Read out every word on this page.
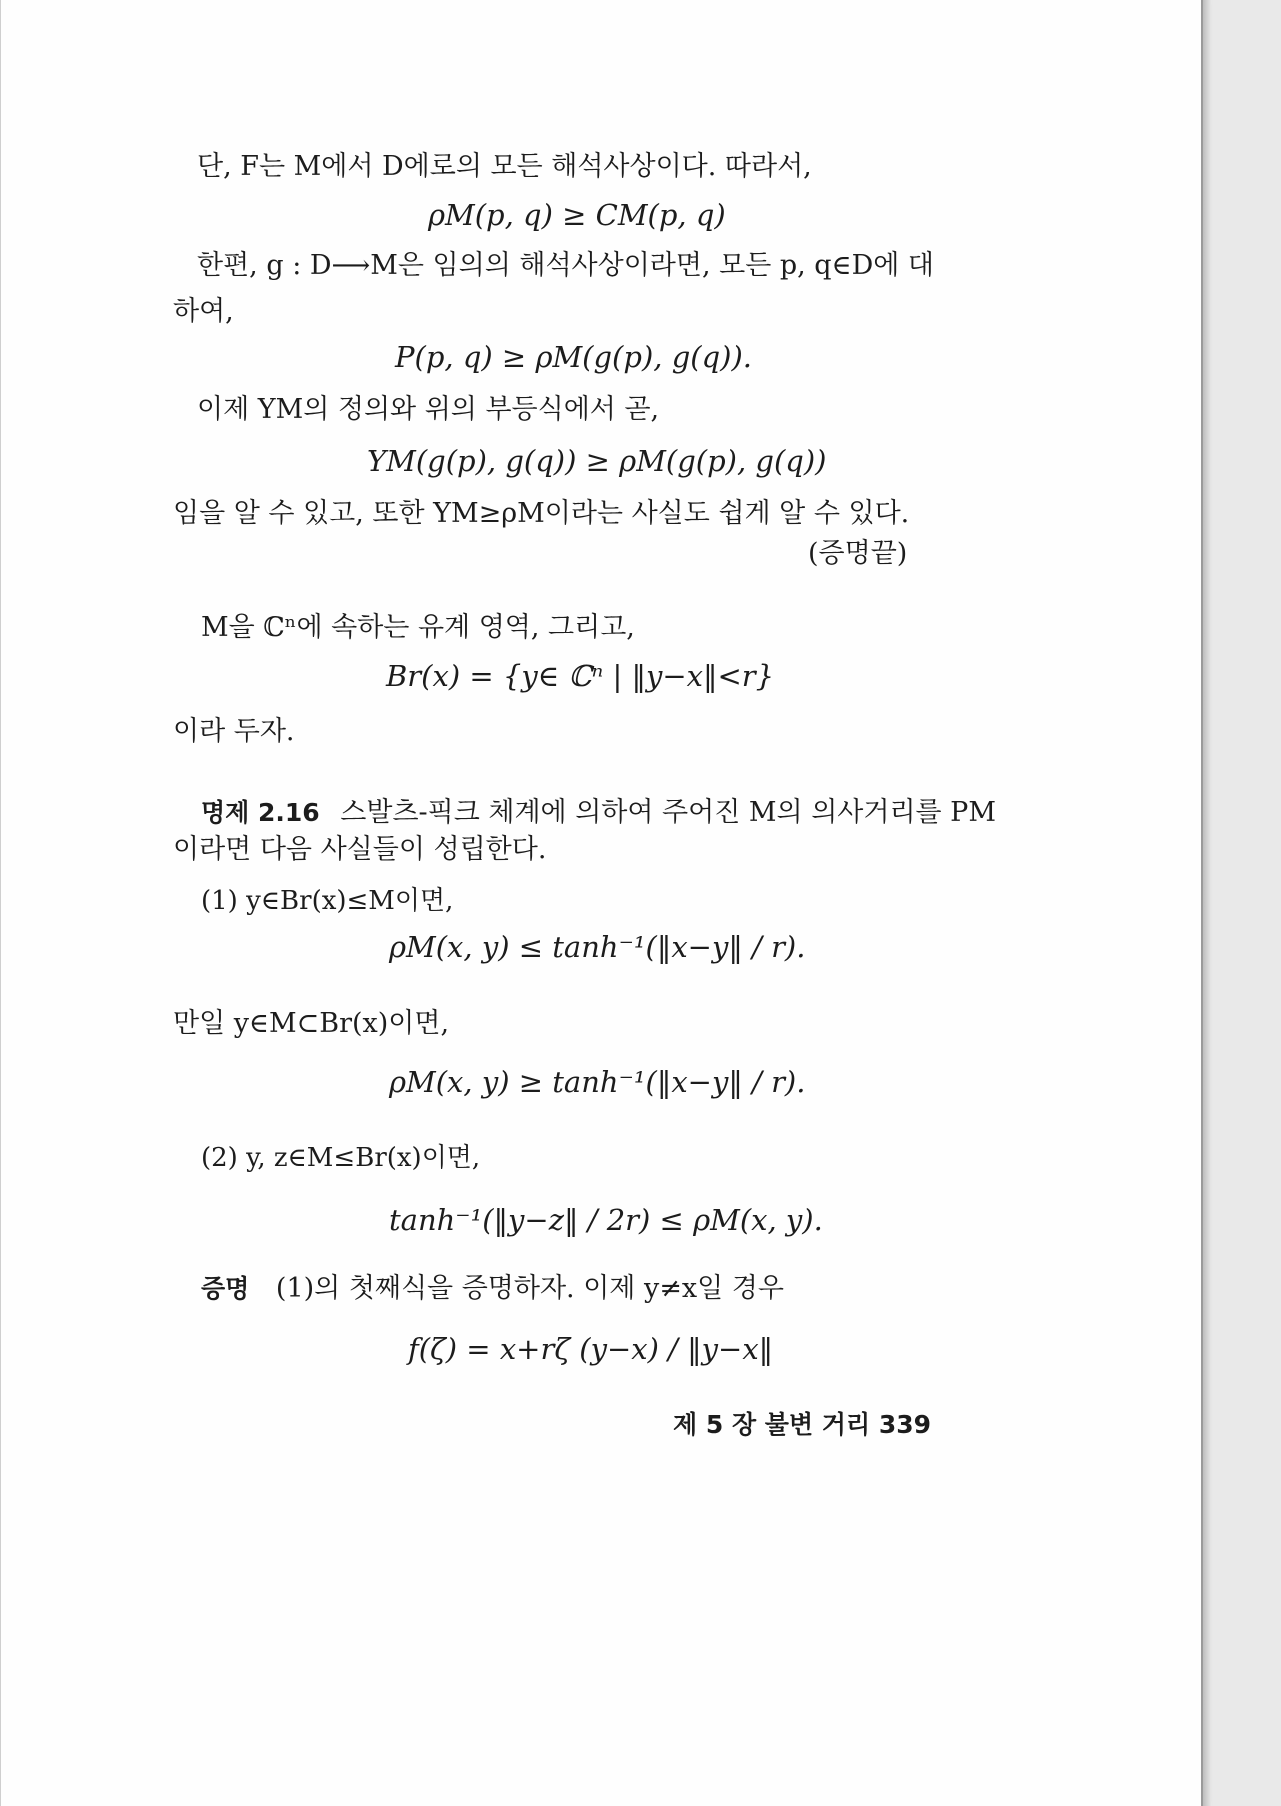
단, F는 M에서 D에로의 모든 해석사상이다. 따라서,
ρM(p, q) ≥ CM(p, q)
한편, g : D⟶M은 임의의 해석사상이라면, 모든 p, q∈D에 대
하여,
P(p, q) ≥ ρM(g(p), g(q)).
이제 YM의 정의와 위의 부등식에서 곧,
YM(g(p), g(q)) ≥ ρM(g(p), g(q))
임을 알 수 있고, 또한 YM≥ρM이라는 사실도 쉽게 알 수 있다.
(증명끝)
M을 ℂⁿ에 속하는 유계 영역, 그리고,
Br(x) = {y∈ ℂⁿ | ‖y−x‖<r}
이라 두자.
명제 2.16 스발츠-픽크 체계에 의하여 주어진 M의 의사거리를 PM
이라면 다음 사실들이 성립한다.
(1) y∈Br(x)≤M이면,
ρM(x, y) ≤ tanh⁻¹(‖x−y‖ / r).
만일 y∈M⊂Br(x)이면,
ρM(x, y) ≥ tanh⁻¹(‖x−y‖ / r).
(2) y, z∈M≤Br(x)이면,
tanh⁻¹(‖y−z‖ / 2r) ≤ ρM(x, y).
증명 (1)의 첫째식을 증명하자. 이제 y≠x일 경우
f(ζ) = x+rζ (y−x) / ‖y−x‖
제 5 장 불변 거리 339
